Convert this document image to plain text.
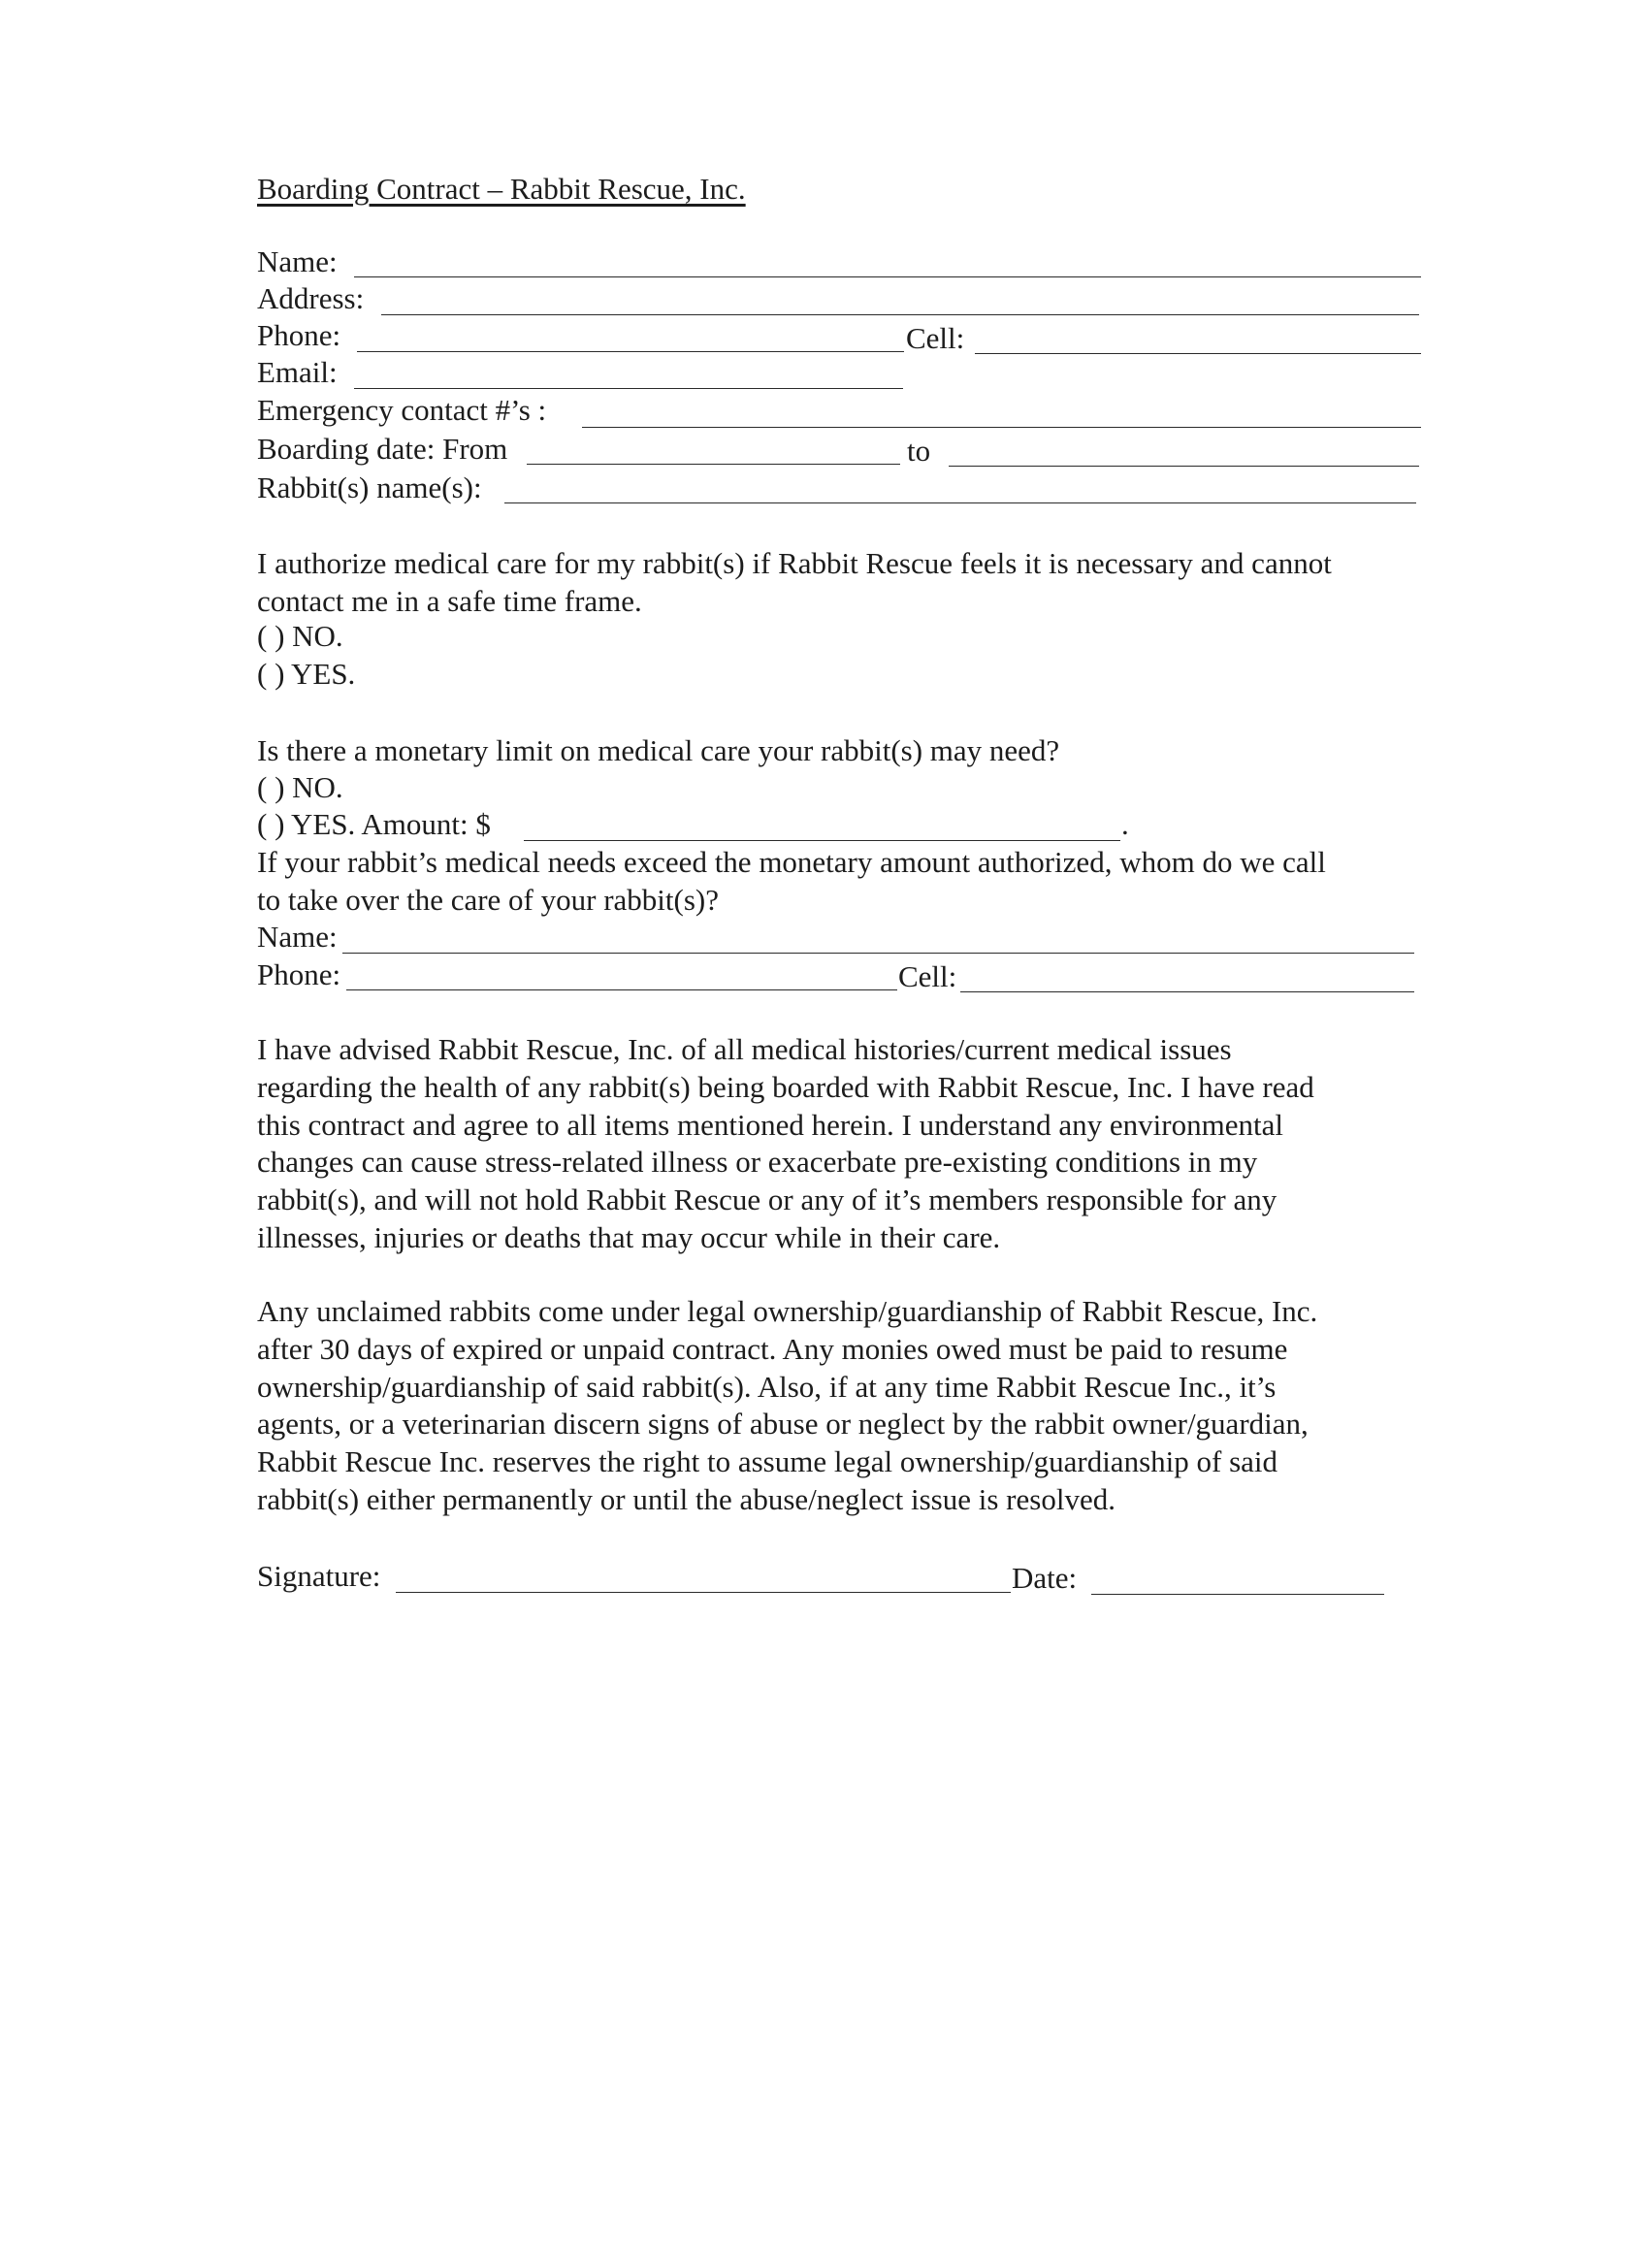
Boarding Contract – Rabbit Rescue, Inc.
Name:
Address:
Phone:	Cell:
Email:
Emergency contact #’s :
Boarding date: From	to
Rabbit(s) name(s):
I authorize medical care for my rabbit(s) if Rabbit Rescue feels it is necessary and cannot
contact me in a safe time frame.
( ) NO.
( ) YES.
Is there a monetary limit on medical care your rabbit(s) may need?
( ) NO.
( ) YES. Amount: $	.
If your rabbit’s medical needs exceed the monetary amount authorized, whom do we call
to take over the care of your rabbit(s)?
Name:
Phone:	Cell:
I have advised Rabbit Rescue, Inc. of all medical histories/current medical issues
regarding the health of any rabbit(s) being boarded with Rabbit Rescue, Inc. I have read
this contract and agree to all items mentioned herein. I understand any environmental
changes can cause stress-related illness or exacerbate pre-existing conditions in my
rabbit(s), and will not hold Rabbit Rescue or any of it’s members responsible for any
illnesses, injuries or deaths that may occur while in their care.
Any unclaimed rabbits come under legal ownership/guardianship of Rabbit Rescue, Inc.
after 30 days of expired or unpaid contract. Any monies owed must be paid to resume
ownership/guardianship of said rabbit(s). Also, if at any time Rabbit Rescue Inc., it’s
agents, or a veterinarian discern signs of abuse or neglect by the rabbit owner/guardian,
Rabbit Rescue Inc. reserves the right to assume legal ownership/guardianship of said
rabbit(s) either permanently or until the abuse/neglect issue is resolved.
Signature:	Date:
